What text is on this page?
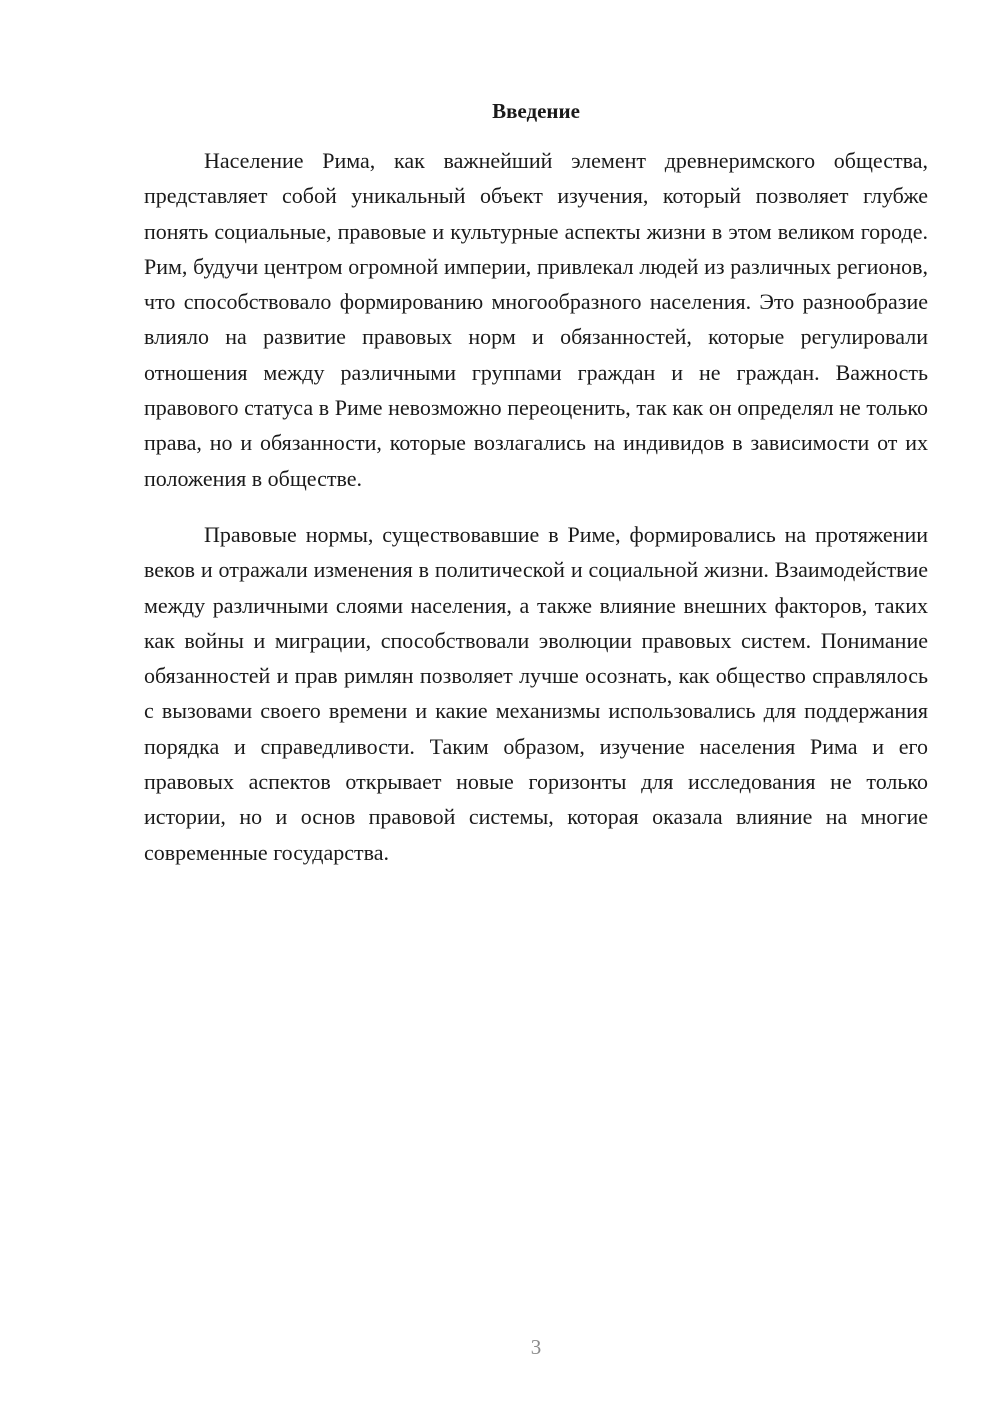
Введение

Население Рима, как важнейший элемент древнеримского общества, представляет собой уникальный объект изучения, который позволяет глубже понять социальные, правовые и культурные аспекты жизни в этом великом городе. Рим, будучи центром огромной империи, привлекал людей из различных регионов, что способствовало формированию многообразного населения. Это разнообразие влияло на развитие правовых норм и обязанностей, которые регулировали отношения между различными группами граждан и не граждан. Важность правового статуса в Риме невозможно переоценить, так как он определял не только права, но и обязанности, которые возлагались на индивидов в зависимости от их положения в обществе.

Правовые нормы, существовавшие в Риме, формировались на протяжении веков и отражали изменения в политической и социальной жизни. Взаимодействие между различными слоями населения, а также влияние внешних факторов, таких как войны и миграции, способствовали эволюции правовых систем. Понимание обязанностей и прав римлян позволяет лучше осознать, как общество справлялось с вызовами своего времени и какие механизмы использовались для поддержания порядка и справедливости. Таким образом, изучение населения Рима и его правовых аспектов открывает новые горизонты для исследования не только истории, но и основ правовой системы, которая оказала влияние на многие современные государства.

3
